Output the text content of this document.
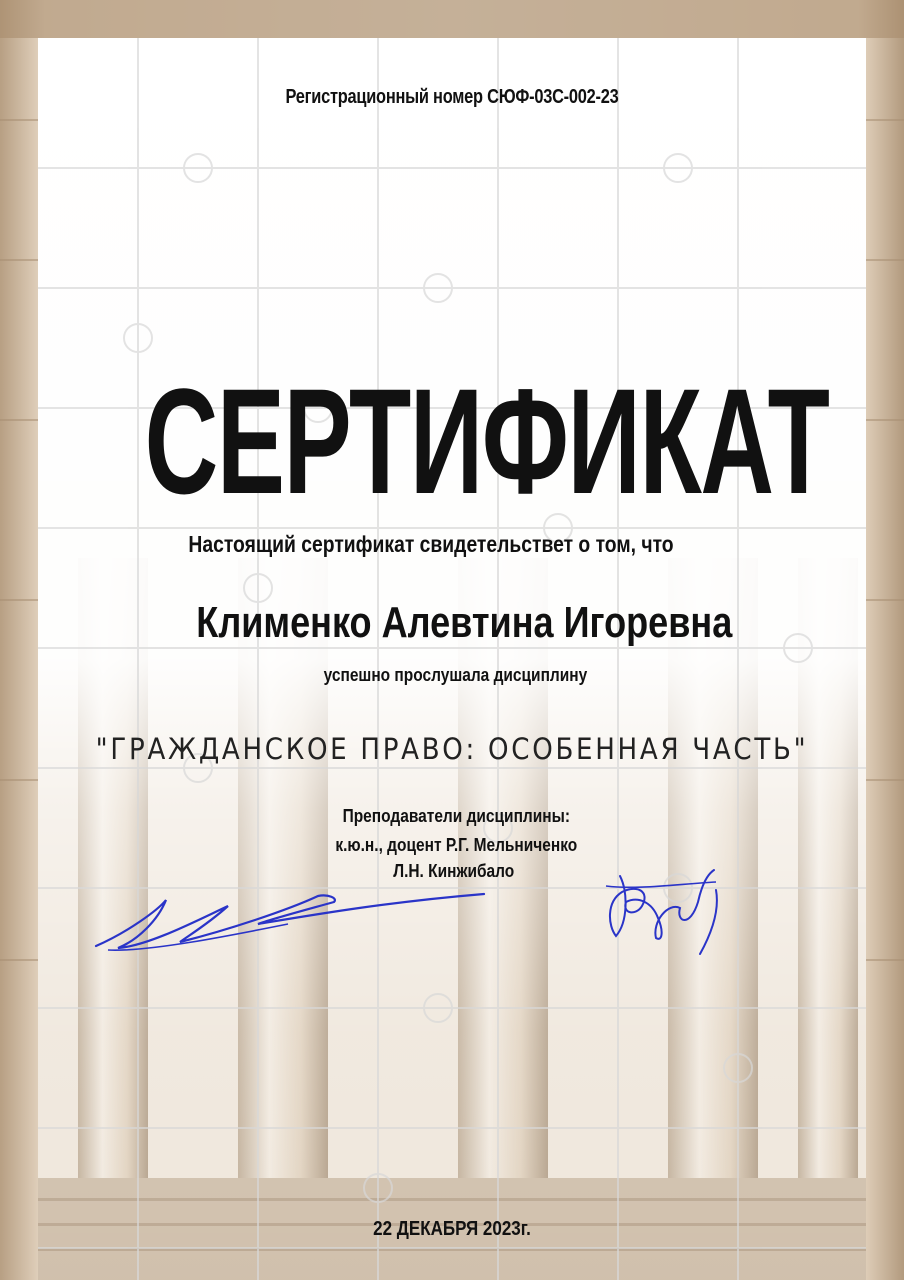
Регистрационный номер СЮФ-03С-002-23
СЕРТИФИКАТ
Настоящий сертификат свидетельствет о том, что
Клименко Алевтина Игоревна
успешно прослушала дисциплину
"ГРАЖДАНСКОЕ ПРАВО: ОСОБЕННАЯ ЧАСТЬ"
Преподаватели дисциплины:
к.ю.н., доцент Р.Г. Мельниченко
Л.Н. Кинжибало
22 ДЕКАБРЯ 2023г.
